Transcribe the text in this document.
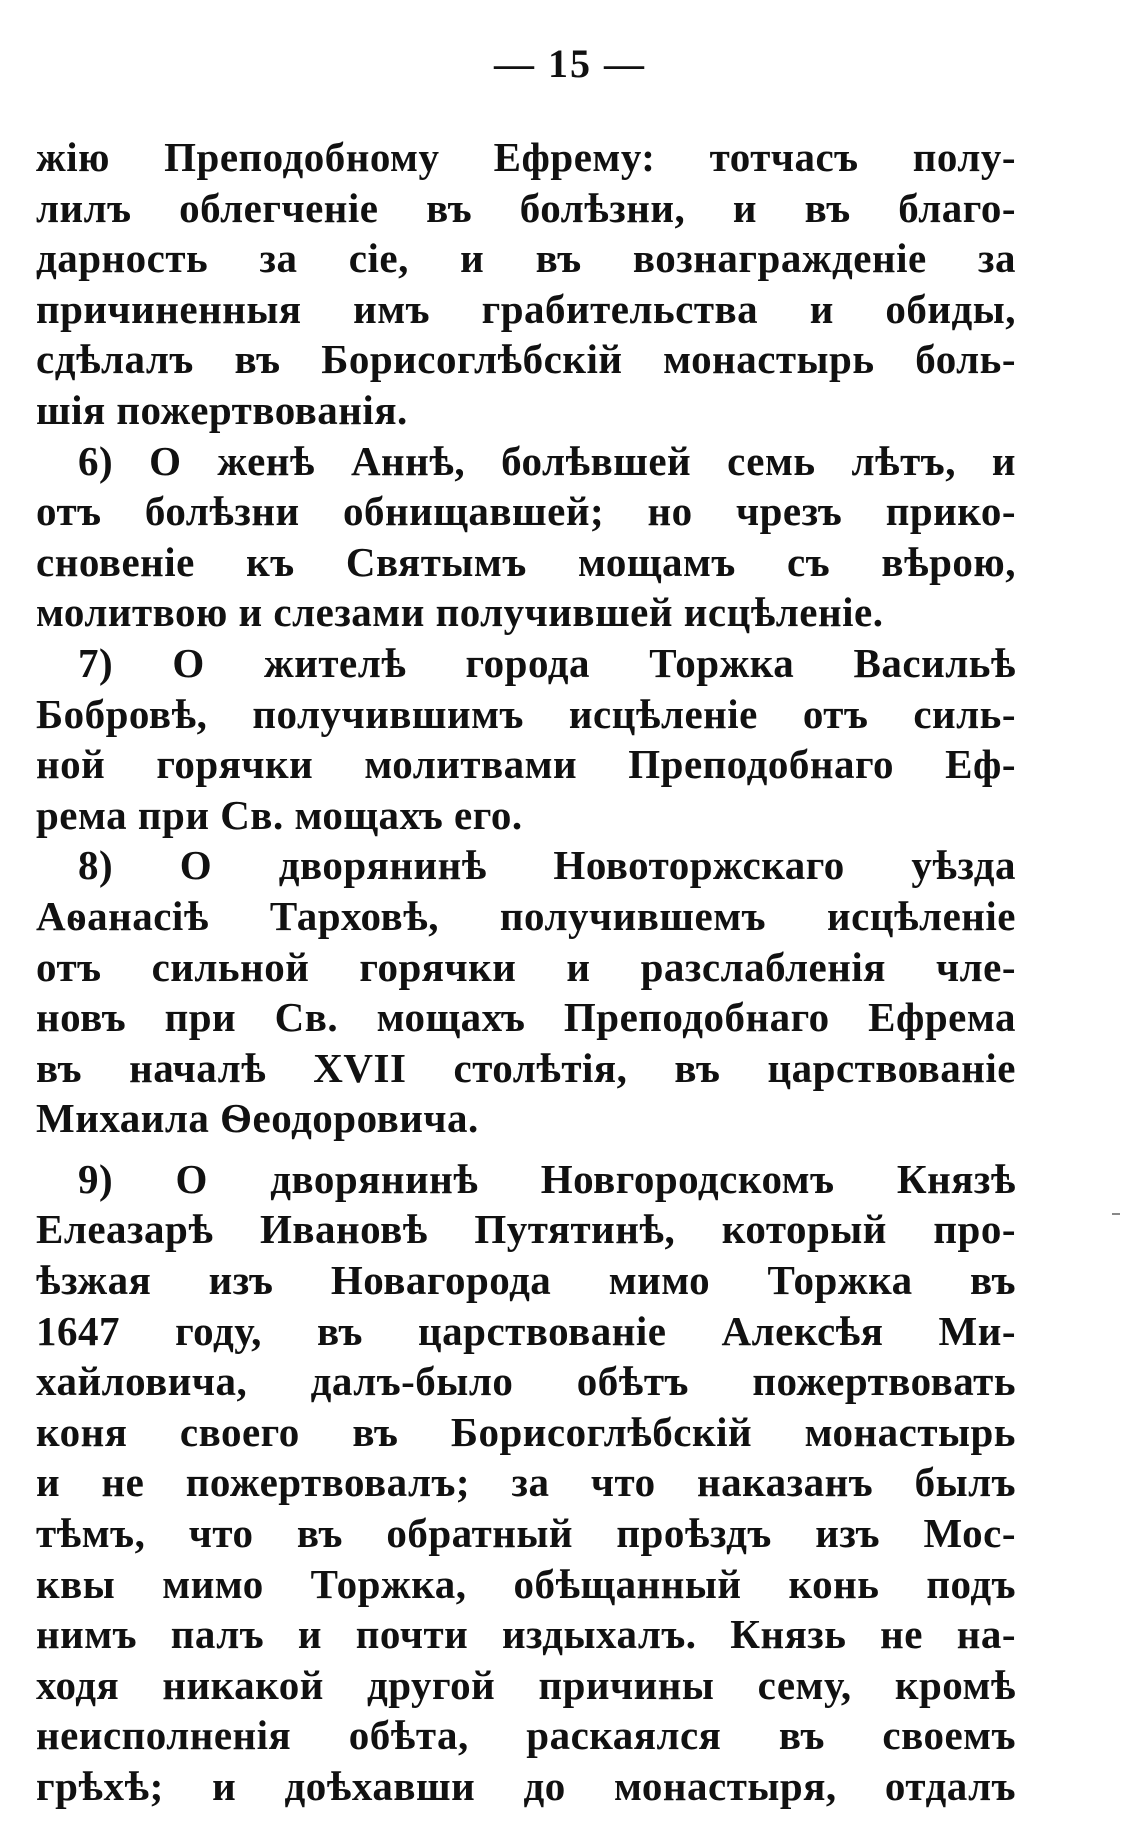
— 15 —
жію Преподобному Ефрему: тотчасъ полу-
лилъ облегченіе въ болѣзни, и въ благо-
дарность за сіе, и въ вознагражденіе за
причиненныя имъ грабительства и обиды,
сдѣлалъ въ Борисоглѣбскій монастырь боль-
шія пожертвованія.
6) О женѣ Аннѣ, болѣвшей семь лѣтъ, и
отъ болѣзни обнищавшей; но чрезъ прико-
сновеніе къ Святымъ мощамъ съ вѣрою,
молитвою и слезами получившей исцѣленіе.
7) О жителѣ города Торжка Васильѣ
Бобровѣ, получившимъ исцѣленіе отъ силь-
ной горячки молитвами Преподобнаго Еф-
рема при Св. мощахъ его.
8) О дворянинѣ Новоторжскаго уѣзда
Аѳанасіѣ Тарховѣ, получившемъ исцѣленіе
отъ сильной горячки и разслабленія чле-
новъ при Св. мощахъ Преподобнаго Ефрема
въ началѣ XVII столѣтія, въ царствованіе
Михаила Ѳеодоровича.
9) О дворянинѣ Новгородскомъ Князѣ
Елеазарѣ Ивановѣ Путятинѣ, который про-
ѣзжая изъ Новагорода мимо Торжка въ
1647 году, въ царствованіе Алексѣя Ми-
хайловича, далъ-было обѣтъ пожертвовать
коня своего въ Борисоглѣбскій монастырь
и не пожертвовалъ; за что наказанъ былъ
тѣмъ, что въ обратный проѣздъ изъ Мос-
квы мимо Торжка, обѣщанный конь подъ
нимъ палъ и почти издыхалъ. Князь не на-
ходя никакой другой причины сему, кромѣ
неисполненія обѣта, раскаялся въ своемъ
грѣхѣ; и доѣхавши до монастыря, отдалъ
